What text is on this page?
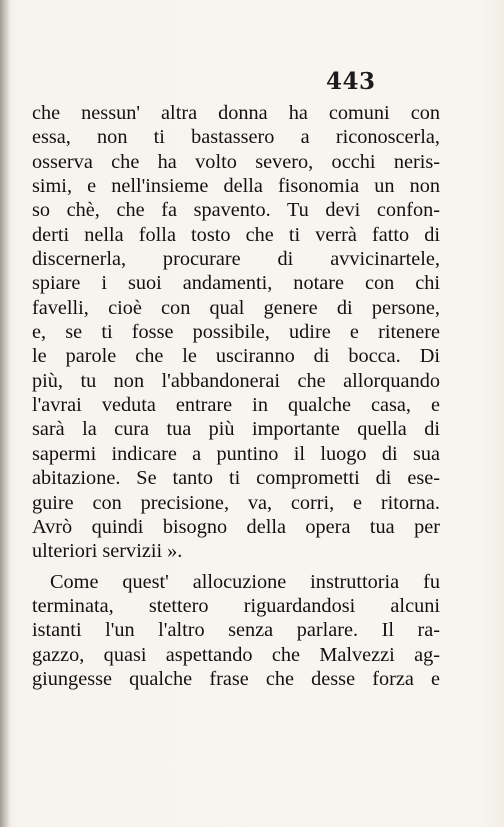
443
che nessun' altra donna ha comuni con
essa, non ti bastassero a riconoscerla,
osserva che ha volto severo, occhi neris-
simi, e nell'insieme della fisonomia un non
so chè, che fa spavento. Tu devi confon-
derti nella folla tosto che ti verrà fatto di
discernerla, procurare di avvicinartele,
spiare i suoi andamenti, notare con chi
favelli, cioè con qual genere di persone,
e, se ti fosse possibile, udire e ritenere
le parole che le usciranno di bocca. Di
più, tu non l'abbandonerai che allorquando
l'avrai veduta entrare in qualche casa, e
sarà la cura tua più importante quella di
sapermi indicare a puntino il luogo di sua
abitazione. Se tanto ti comprometti di ese-
guire con precisione, va, corri, e ritorna.
Avrò quindi bisogno della opera tua per
ulteriori servizii ».
Come quest' allocuzione instruttoria fu
terminata, stettero riguardandosi alcuni
istanti l'un l'altro senza parlare. Il ra-
gazzo, quasi aspettando che Malvezzi ag-
giungesse qualche frase che desse forza e
